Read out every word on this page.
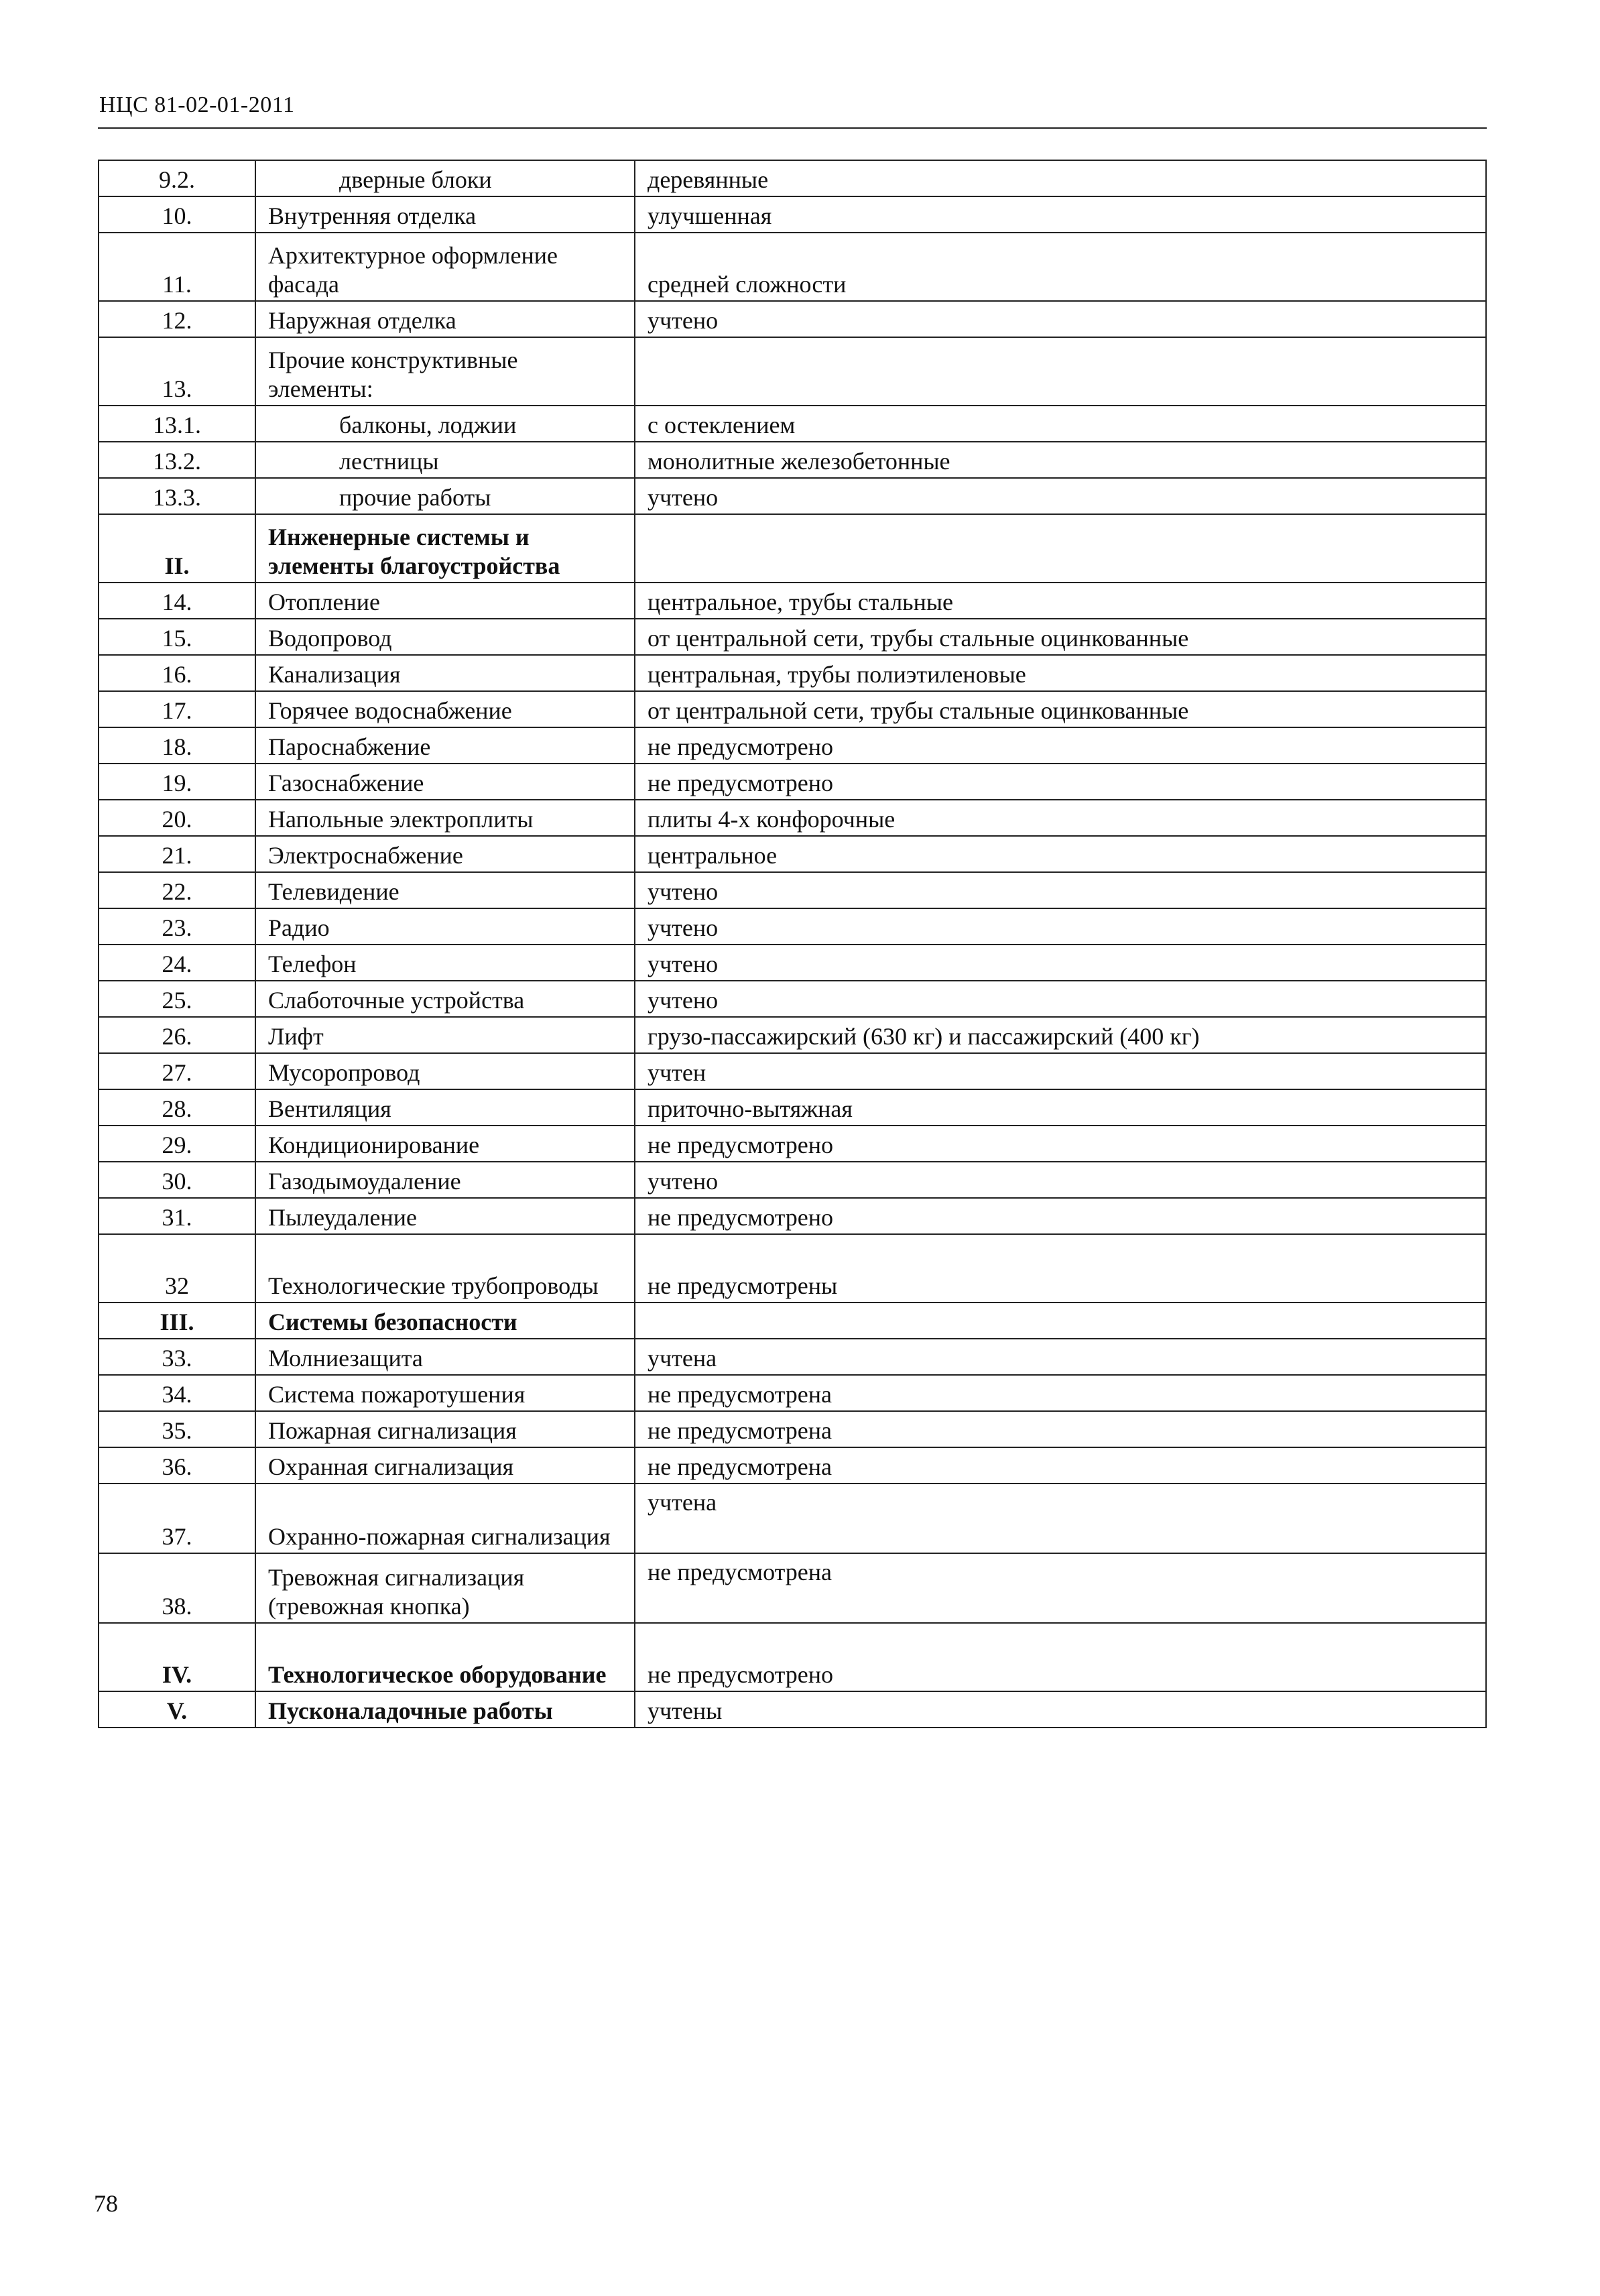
НЦС 81-02-01-2011
9.2.	дверные блоки	деревянные
10.	Внутренняя отделка	улучшенная
11.	Архитектурное оформление фасада	средней сложности
12.	Наружная отделка	учтено
13.	Прочие конструктивные элементы:	
13.1.	балконы, лоджии	с остеклением
13.2.	лестницы	монолитные железобетонные
13.3.	прочие работы	учтено
II.	Инженерные системы и элементы благоустройства	
14.	Отопление	центральное, трубы стальные
15.	Водопровод	от центральной сети, трубы стальные оцинкованные
16.	Канализация	центральная, трубы полиэтиленовые
17.	Горячее водоснабжение	от центральной сети, трубы стальные оцинкованные
18.	Пароснабжение	не предусмотрено
19.	Газоснабжение	не предусмотрено
20.	Напольные электроплиты	плиты 4-х конфорочные
21.	Электроснабжение	центральное
22.	Телевидение	учтено
23.	Радио	учтено
24.	Телефон	учтено
25.	Слаботочные устройства	учтено
26.	Лифт	грузо-пассажирский (630 кг) и пассажирский (400 кг)
27.	Мусоропровод	учтен
28.	Вентиляция	приточно-вытяжная
29.	Кондиционирование	не предусмотрено
30.	Газодымоудаление	учтено
31.	Пылеудаление	не предусмотрено
32	Технологические трубопроводы	не предусмотрены
III.	Системы безопасности	
33.	Молниезащита	учтена
34.	Система пожаротушения	не предусмотрена
35.	Пожарная сигнализация	не предусмотрена
36.	Охранная сигнализация	не предусмотрена
37.	Охранно-пожарная сигнализация	учтена
38.	Тревожная сигнализация (тревожная кнопка)	не предусмотрена
IV.	Технологическое оборудование	не предусмотрено
V.	Пусконаладочные работы	учтены
78
